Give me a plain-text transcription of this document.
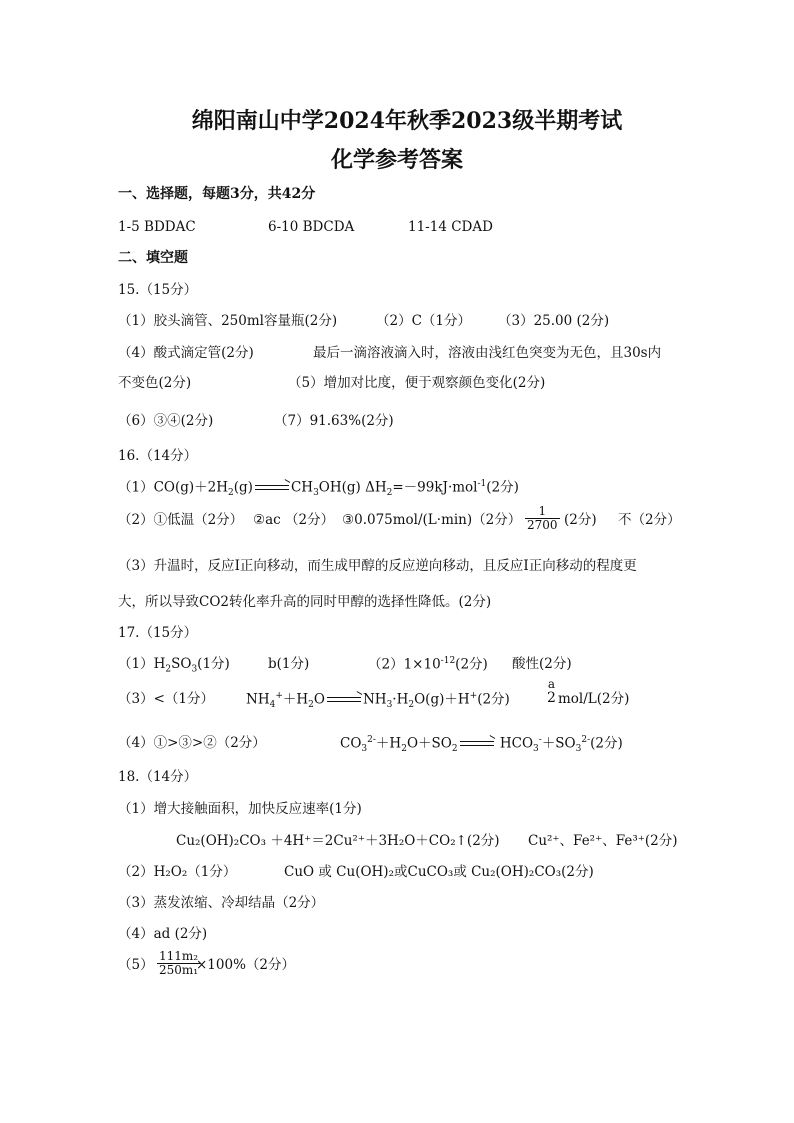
绵阳南山中学2024年秋季2023级半期考试
化学参考答案
一、选择题，每题3分，共42分
1-5 BDDAC	6-10 BDCDA	11-14 CDAD
二、填空题
15.（15分）
（1）胶头滴管、250ml容量瓶(2分)	（2）C（1分） （3）25.00 (2分)
（4）酸式滴定管(2分)	最后一滴溶液滴入时，溶液由浅红色突变为无色，且30s内
不变色(2分)	（5）增加对比度，便于观察颜色变化(2分)
（6）③④(2分)	（7）91.63%(2分)
16.（14分）
$(1)CO(g)+2H_2(g) \to CH_3OH(g)$ $\Delta H_2=-99kJ\cdot mol^{-1}(2$分)
（2）①低温（2分） ②ac （2分） ③0.075mol/(L·min)（2分） $\frac{1}{2700} (2$分) 不（2分）
（3）升温时，反应Ⅰ正向移动，而生成甲醇的反应逆向移动，且反应Ⅰ正向移动的程度更
大，所以导致CO2转化率升高的同时甲醇的选择性降低。(2分)
17.（15分）
$(1)H_2SO_3(1$分)	b(1分)	$(2)1\times 10^{-12}(2$分) 酸性(2分)
（3）<（1分） $NH_4^++H_2O \to NH_3\cdot H_2O(g)+H^+(2$分)
a
2 mol/L(2分)
（4）①>③>②（2分）	$CO_3^{2-}+H_2O+SO_2 \to HCO_3^-+SO_3^{2-}(2$分)
18.（14分）
（1）增大接触面积，加快反应速率(1分)
Cu₂(OH)₂CO₃ ＋4H⁺＝2Cu²⁺＋3H₂O＋CO₂↑(2分) Cu²⁺、Fe²⁺、Fe³⁺(2分)
（2）H₂O₂（1分）	CuO 或 Cu(OH)₂或CuCO₃或 Cu₂(OH)₂CO₃(2分)
（3）蒸发浓缩、冷却结晶（2分）
（4）ad (2分)
$(5) \frac{\text{111m₂}}{\text{250m₁}}$
×100%（2分）
